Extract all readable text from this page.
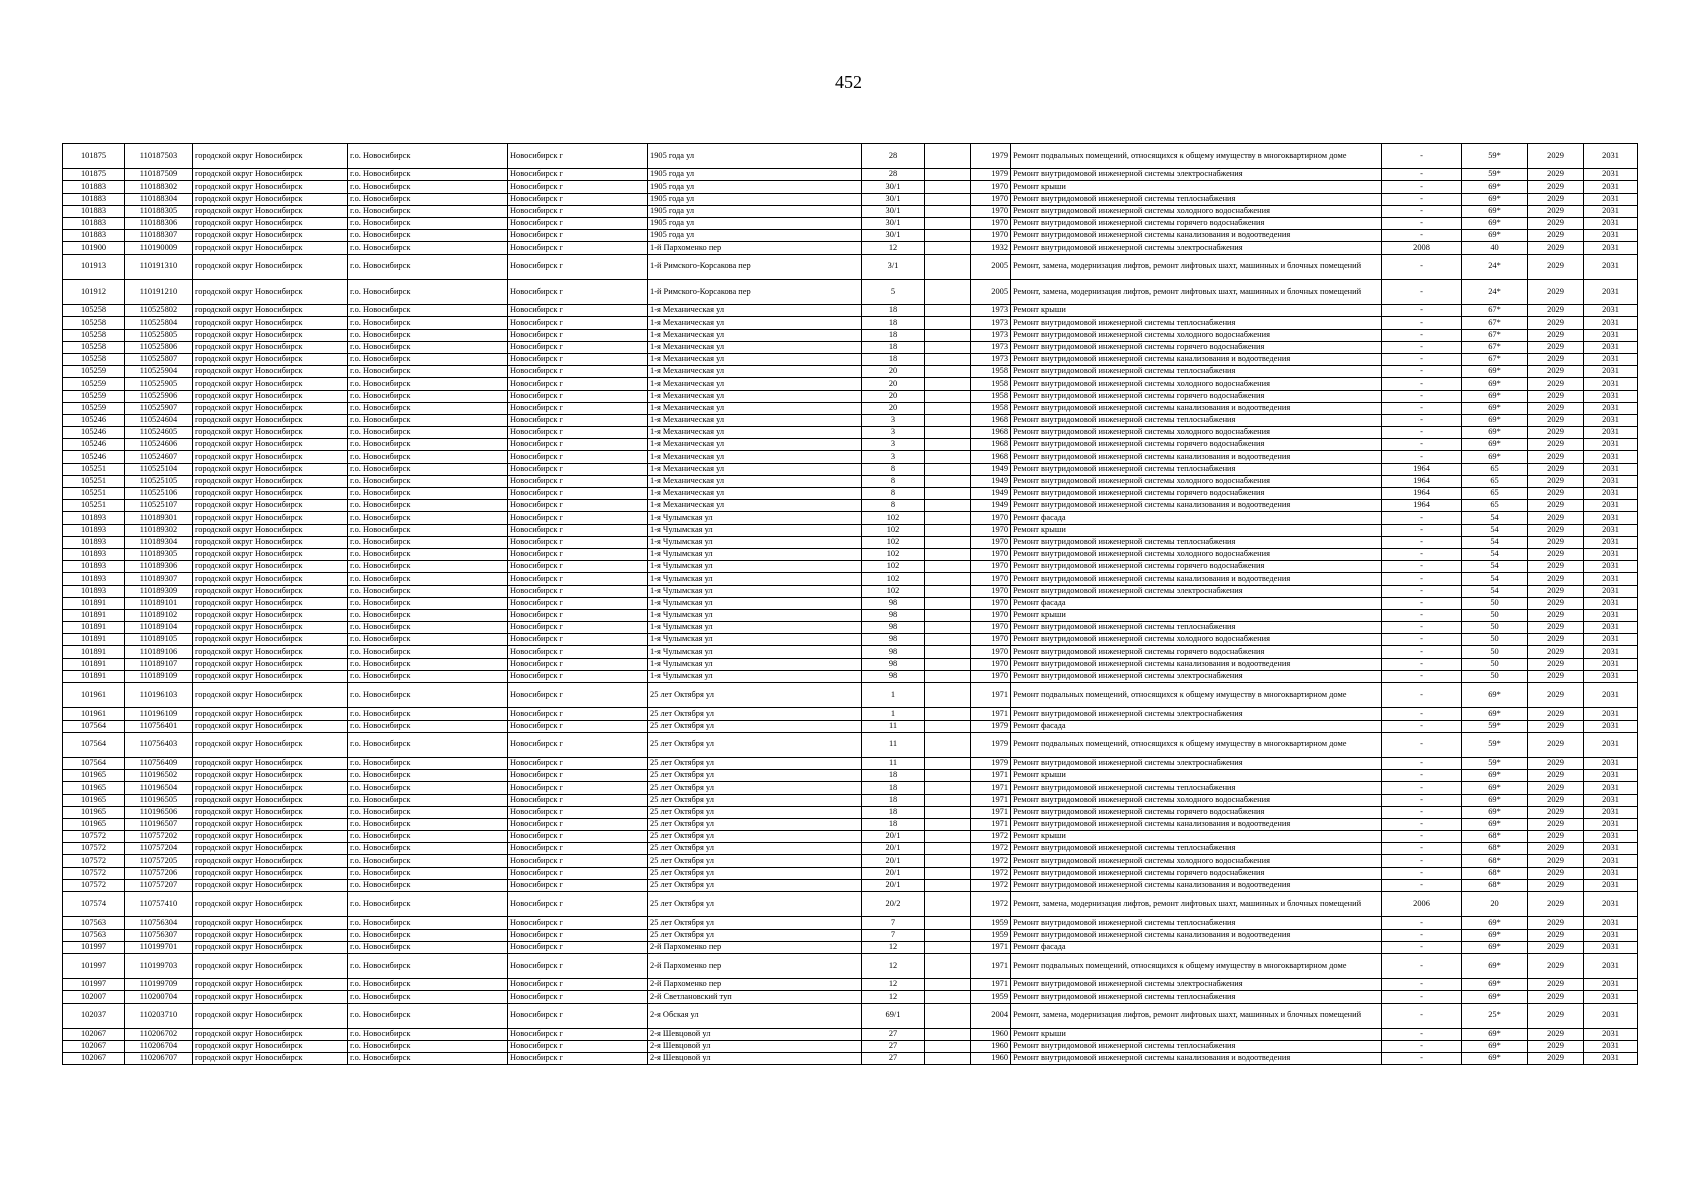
452
101875	110187503	городской округ Новосибирск	г.о. Новосибирск	Новосибирск г	1905 года ул	28		1979	Ремонт подвальных помещений, относящихся к общему имуществу в многоквартирном доме	-	59*	2029	2031
101875	110187509	городской округ Новосибирск	г.о. Новосибирск	Новосибирск г	1905 года ул	28		1979	Ремонт внутридомовой инженерной системы электроснабжения	-	59*	2029	2031
101883	110188302	городской округ Новосибирск	г.о. Новосибирск	Новосибирск г	1905 года ул	30/1		1970	Ремонт крыши	-	69*	2029	2031
101883	110188304	городской округ Новосибирск	г.о. Новосибирск	Новосибирск г	1905 года ул	30/1		1970	Ремонт внутридомовой инженерной системы теплоснабжения	-	69*	2029	2031
101883	110188305	городской округ Новосибирск	г.о. Новосибирск	Новосибирск г	1905 года ул	30/1		1970	Ремонт внутридомовой инженерной системы холодного водоснабжения	-	69*	2029	2031
101883	110188306	городской округ Новосибирск	г.о. Новосибирск	Новосибирск г	1905 года ул	30/1		1970	Ремонт внутридомовой инженерной системы горячего водоснабжения	-	69*	2029	2031
101883	110188307	городской округ Новосибирск	г.о. Новосибирск	Новосибирск г	1905 года ул	30/1		1970	Ремонт внутридомовой инженерной системы канализования и водоотведения	-	69*	2029	2031
101900	110190009	городской округ Новосибирск	г.о. Новосибирск	Новосибирск г	1-й Пархоменко пер	12		1932	Ремонт внутридомовой инженерной системы электроснабжения	2008	40	2029	2031
101913	110191310	городской округ Новосибирск	г.о. Новосибирск	Новосибирск г	1-й Римского-Корсакова пер	3/1		2005	Ремонт, замена, модернизация лифтов, ремонт лифтовых шахт, машинных и блочных помещений	-	24*	2029	2031
101912	110191210	городской округ Новосибирск	г.о. Новосибирск	Новосибирск г	1-й Римского-Корсакова пер	5		2005	Ремонт, замена, модернизация лифтов, ремонт лифтовых шахт, машинных и блочных помещений	-	24*	2029	2031
105258	110525802	городской округ Новосибирск	г.о. Новосибирск	Новосибирск г	1-я Механическая ул	18		1973	Ремонт крыши	-	67*	2029	2031
105258	110525804	городской округ Новосибирск	г.о. Новосибирск	Новосибирск г	1-я Механическая ул	18		1973	Ремонт внутридомовой инженерной системы теплоснабжения	-	67*	2029	2031
105258	110525805	городской округ Новосибирск	г.о. Новосибирск	Новосибирск г	1-я Механическая ул	18		1973	Ремонт внутридомовой инженерной системы холодного водоснабжения	-	67*	2029	2031
105258	110525806	городской округ Новосибирск	г.о. Новосибирск	Новосибирск г	1-я Механическая ул	18		1973	Ремонт внутридомовой инженерной системы горячего водоснабжения	-	67*	2029	2031
105258	110525807	городской округ Новосибирск	г.о. Новосибирск	Новосибирск г	1-я Механическая ул	18		1973	Ремонт внутридомовой инженерной системы канализования и водоотведения	-	67*	2029	2031
105259	110525904	городской округ Новосибирск	г.о. Новосибирск	Новосибирск г	1-я Механическая ул	20		1958	Ремонт внутридомовой инженерной системы теплоснабжения	-	69*	2029	2031
105259	110525905	городской округ Новосибирск	г.о. Новосибирск	Новосибирск г	1-я Механическая ул	20		1958	Ремонт внутридомовой инженерной системы холодного водоснабжения	-	69*	2029	2031
105259	110525906	городской округ Новосибирск	г.о. Новосибирск	Новосибирск г	1-я Механическая ул	20		1958	Ремонт внутридомовой инженерной системы горячего водоснабжения	-	69*	2029	2031
105259	110525907	городской округ Новосибирск	г.о. Новосибирск	Новосибирск г	1-я Механическая ул	20		1958	Ремонт внутридомовой инженерной системы канализования и водоотведения	-	69*	2029	2031
105246	110524604	городской округ Новосибирск	г.о. Новосибирск	Новосибирск г	1-я Механическая ул	3		1968	Ремонт внутридомовой инженерной системы теплоснабжения	-	69*	2029	2031
105246	110524605	городской округ Новосибирск	г.о. Новосибирск	Новосибирск г	1-я Механическая ул	3		1968	Ремонт внутридомовой инженерной системы холодного водоснабжения	-	69*	2029	2031
105246	110524606	городской округ Новосибирск	г.о. Новосибирск	Новосибирск г	1-я Механическая ул	3		1968	Ремонт внутридомовой инженерной системы горячего водоснабжения	-	69*	2029	2031
105246	110524607	городской округ Новосибирск	г.о. Новосибирск	Новосибирск г	1-я Механическая ул	3		1968	Ремонт внутридомовой инженерной системы канализования и водоотведения	-	69*	2029	2031
105251	110525104	городской округ Новосибирск	г.о. Новосибирск	Новосибирск г	1-я Механическая ул	8		1949	Ремонт внутридомовой инженерной системы теплоснабжения	1964	65	2029	2031
105251	110525105	городской округ Новосибирск	г.о. Новосибирск	Новосибирск г	1-я Механическая ул	8		1949	Ремонт внутридомовой инженерной системы холодного водоснабжения	1964	65	2029	2031
105251	110525106	городской округ Новосибирск	г.о. Новосибирск	Новосибирск г	1-я Механическая ул	8		1949	Ремонт внутридомовой инженерной системы горячего водоснабжения	1964	65	2029	2031
105251	110525107	городской округ Новосибирск	г.о. Новосибирск	Новосибирск г	1-я Механическая ул	8		1949	Ремонт внутридомовой инженерной системы канализования и водоотведения	1964	65	2029	2031
101893	110189301	городской округ Новосибирск	г.о. Новосибирск	Новосибирск г	1-я Чулымская ул	102		1970	Ремонт фасада	-	54	2029	2031
101893	110189302	городской округ Новосибирск	г.о. Новосибирск	Новосибирск г	1-я Чулымская ул	102		1970	Ремонт крыши	-	54	2029	2031
101893	110189304	городской округ Новосибирск	г.о. Новосибирск	Новосибирск г	1-я Чулымская ул	102		1970	Ремонт внутридомовой инженерной системы теплоснабжения	-	54	2029	2031
101893	110189305	городской округ Новосибирск	г.о. Новосибирск	Новосибирск г	1-я Чулымская ул	102		1970	Ремонт внутридомовой инженерной системы холодного водоснабжения	-	54	2029	2031
101893	110189306	городской округ Новосибирск	г.о. Новосибирск	Новосибирск г	1-я Чулымская ул	102		1970	Ремонт внутридомовой инженерной системы горячего водоснабжения	-	54	2029	2031
101893	110189307	городской округ Новосибирск	г.о. Новосибирск	Новосибирск г	1-я Чулымская ул	102		1970	Ремонт внутридомовой инженерной системы канализования и водоотведения	-	54	2029	2031
101893	110189309	городской округ Новосибирск	г.о. Новосибирск	Новосибирск г	1-я Чулымская ул	102		1970	Ремонт внутридомовой инженерной системы электроснабжения	-	54	2029	2031
101891	110189101	городской округ Новосибирск	г.о. Новосибирск	Новосибирск г	1-я Чулымская ул	98		1970	Ремонт фасада	-	50	2029	2031
101891	110189102	городской округ Новосибирск	г.о. Новосибирск	Новосибирск г	1-я Чулымская ул	98		1970	Ремонт крыши	-	50	2029	2031
101891	110189104	городской округ Новосибирск	г.о. Новосибирск	Новосибирск г	1-я Чулымская ул	98		1970	Ремонт внутридомовой инженерной системы теплоснабжения	-	50	2029	2031
101891	110189105	городской округ Новосибирск	г.о. Новосибирск	Новосибирск г	1-я Чулымская ул	98		1970	Ремонт внутридомовой инженерной системы холодного водоснабжения	-	50	2029	2031
101891	110189106	городской округ Новосибирск	г.о. Новосибирск	Новосибирск г	1-я Чулымская ул	98		1970	Ремонт внутридомовой инженерной системы горячего водоснабжения	-	50	2029	2031
101891	110189107	городской округ Новосибирск	г.о. Новосибирск	Новосибирск г	1-я Чулымская ул	98		1970	Ремонт внутридомовой инженерной системы канализования и водоотведения	-	50	2029	2031
101891	110189109	городской округ Новосибирск	г.о. Новосибирск	Новосибирск г	1-я Чулымская ул	98		1970	Ремонт внутридомовой инженерной системы электроснабжения	-	50	2029	2031
101961	110196103	городской округ Новосибирск	г.о. Новосибирск	Новосибирск г	25 лет Октября ул	1		1971	Ремонт подвальных помещений, относящихся к общему имуществу в многоквартирном доме	-	69*	2029	2031
101961	110196109	городской округ Новосибирск	г.о. Новосибирск	Новосибирск г	25 лет Октября ул	1		1971	Ремонт внутридомовой инженерной системы электроснабжения	-	69*	2029	2031
107564	110756401	городской округ Новосибирск	г.о. Новосибирск	Новосибирск г	25 лет Октября ул	11		1979	Ремонт фасада	-	59*	2029	2031
107564	110756403	городской округ Новосибирск	г.о. Новосибирск	Новосибирск г	25 лет Октября ул	11		1979	Ремонт подвальных помещений, относящихся к общему имуществу в многоквартирном доме	-	59*	2029	2031
107564	110756409	городской округ Новосибирск	г.о. Новосибирск	Новосибирск г	25 лет Октября ул	11		1979	Ремонт внутридомовой инженерной системы электроснабжения	-	59*	2029	2031
101965	110196502	городской округ Новосибирск	г.о. Новосибирск	Новосибирск г	25 лет Октября ул	18		1971	Ремонт крыши	-	69*	2029	2031
101965	110196504	городской округ Новосибирск	г.о. Новосибирск	Новосибирск г	25 лет Октября ул	18		1971	Ремонт внутридомовой инженерной системы теплоснабжения	-	69*	2029	2031
101965	110196505	городской округ Новосибирск	г.о. Новосибирск	Новосибирск г	25 лет Октября ул	18		1971	Ремонт внутридомовой инженерной системы холодного водоснабжения	-	69*	2029	2031
101965	110196506	городской округ Новосибирск	г.о. Новосибирск	Новосибирск г	25 лет Октября ул	18		1971	Ремонт внутридомовой инженерной системы горячего водоснабжения	-	69*	2029	2031
101965	110196507	городской округ Новосибирск	г.о. Новосибирск	Новосибирск г	25 лет Октября ул	18		1971	Ремонт внутридомовой инженерной системы канализования и водоотведения	-	69*	2029	2031
107572	110757202	городской округ Новосибирск	г.о. Новосибирск	Новосибирск г	25 лет Октября ул	20/1		1972	Ремонт крыши	-	68*	2029	2031
107572	110757204	городской округ Новосибирск	г.о. Новосибирск	Новосибирск г	25 лет Октября ул	20/1		1972	Ремонт внутридомовой инженерной системы теплоснабжения	-	68*	2029	2031
107572	110757205	городской округ Новосибирск	г.о. Новосибирск	Новосибирск г	25 лет Октября ул	20/1		1972	Ремонт внутридомовой инженерной системы холодного водоснабжения	-	68*	2029	2031
107572	110757206	городской округ Новосибирск	г.о. Новосибирск	Новосибирск г	25 лет Октября ул	20/1		1972	Ремонт внутридомовой инженерной системы горячего водоснабжения	-	68*	2029	2031
107572	110757207	городской округ Новосибирск	г.о. Новосибирск	Новосибирск г	25 лет Октября ул	20/1		1972	Ремонт внутридомовой инженерной системы канализования и водоотведения	-	68*	2029	2031
107574	110757410	городской округ Новосибирск	г.о. Новосибирск	Новосибирск г	25 лет Октября ул	20/2		1972	Ремонт, замена, модернизация лифтов, ремонт лифтовых шахт, машинных и блочных помещений	2006	20	2029	2031
107563	110756304	городской округ Новосибирск	г.о. Новосибирск	Новосибирск г	25 лет Октября ул	7		1959	Ремонт внутридомовой инженерной системы теплоснабжения	-	69*	2029	2031
107563	110756307	городской округ Новосибирск	г.о. Новосибирск	Новосибирск г	25 лет Октября ул	7		1959	Ремонт внутридомовой инженерной системы канализования и водоотведения	-	69*	2029	2031
101997	110199701	городской округ Новосибирск	г.о. Новосибирск	Новосибирск г	2-й Пархоменко пер	12		1971	Ремонт фасада	-	69*	2029	2031
101997	110199703	городской округ Новосибирск	г.о. Новосибирск	Новосибирск г	2-й Пархоменко пер	12		1971	Ремонт подвальных помещений, относящихся к общему имуществу в многоквартирном доме	-	69*	2029	2031
101997	110199709	городской округ Новосибирск	г.о. Новосибирск	Новосибирск г	2-й Пархоменко пер	12		1971	Ремонт внутридомовой инженерной системы электроснабжения	-	69*	2029	2031
102007	110200704	городской округ Новосибирск	г.о. Новосибирск	Новосибирск г	2-й Светлановский туп	12		1959	Ремонт внутридомовой инженерной системы теплоснабжения	-	69*	2029	2031
102037	110203710	городской округ Новосибирск	г.о. Новосибирск	Новосибирск г	2-я Обская ул	69/1		2004	Ремонт, замена, модернизация лифтов, ремонт лифтовых шахт, машинных и блочных помещений	-	25*	2029	2031
102067	110206702	городской округ Новосибирск	г.о. Новосибирск	Новосибирск г	2-я Шевцовой ул	27		1960	Ремонт крыши	-	69*	2029	2031
102067	110206704	городской округ Новосибирск	г.о. Новосибирск	Новосибирск г	2-я Шевцовой ул	27		1960	Ремонт внутридомовой инженерной системы теплоснабжения	-	69*	2029	2031
102067	110206707	городской округ Новосибирск	г.о. Новосибирск	Новосибирск г	2-я Шевцовой ул	27		1960	Ремонт внутридомовой инженерной системы канализования и водоотведения	-	69*	2029	2031
